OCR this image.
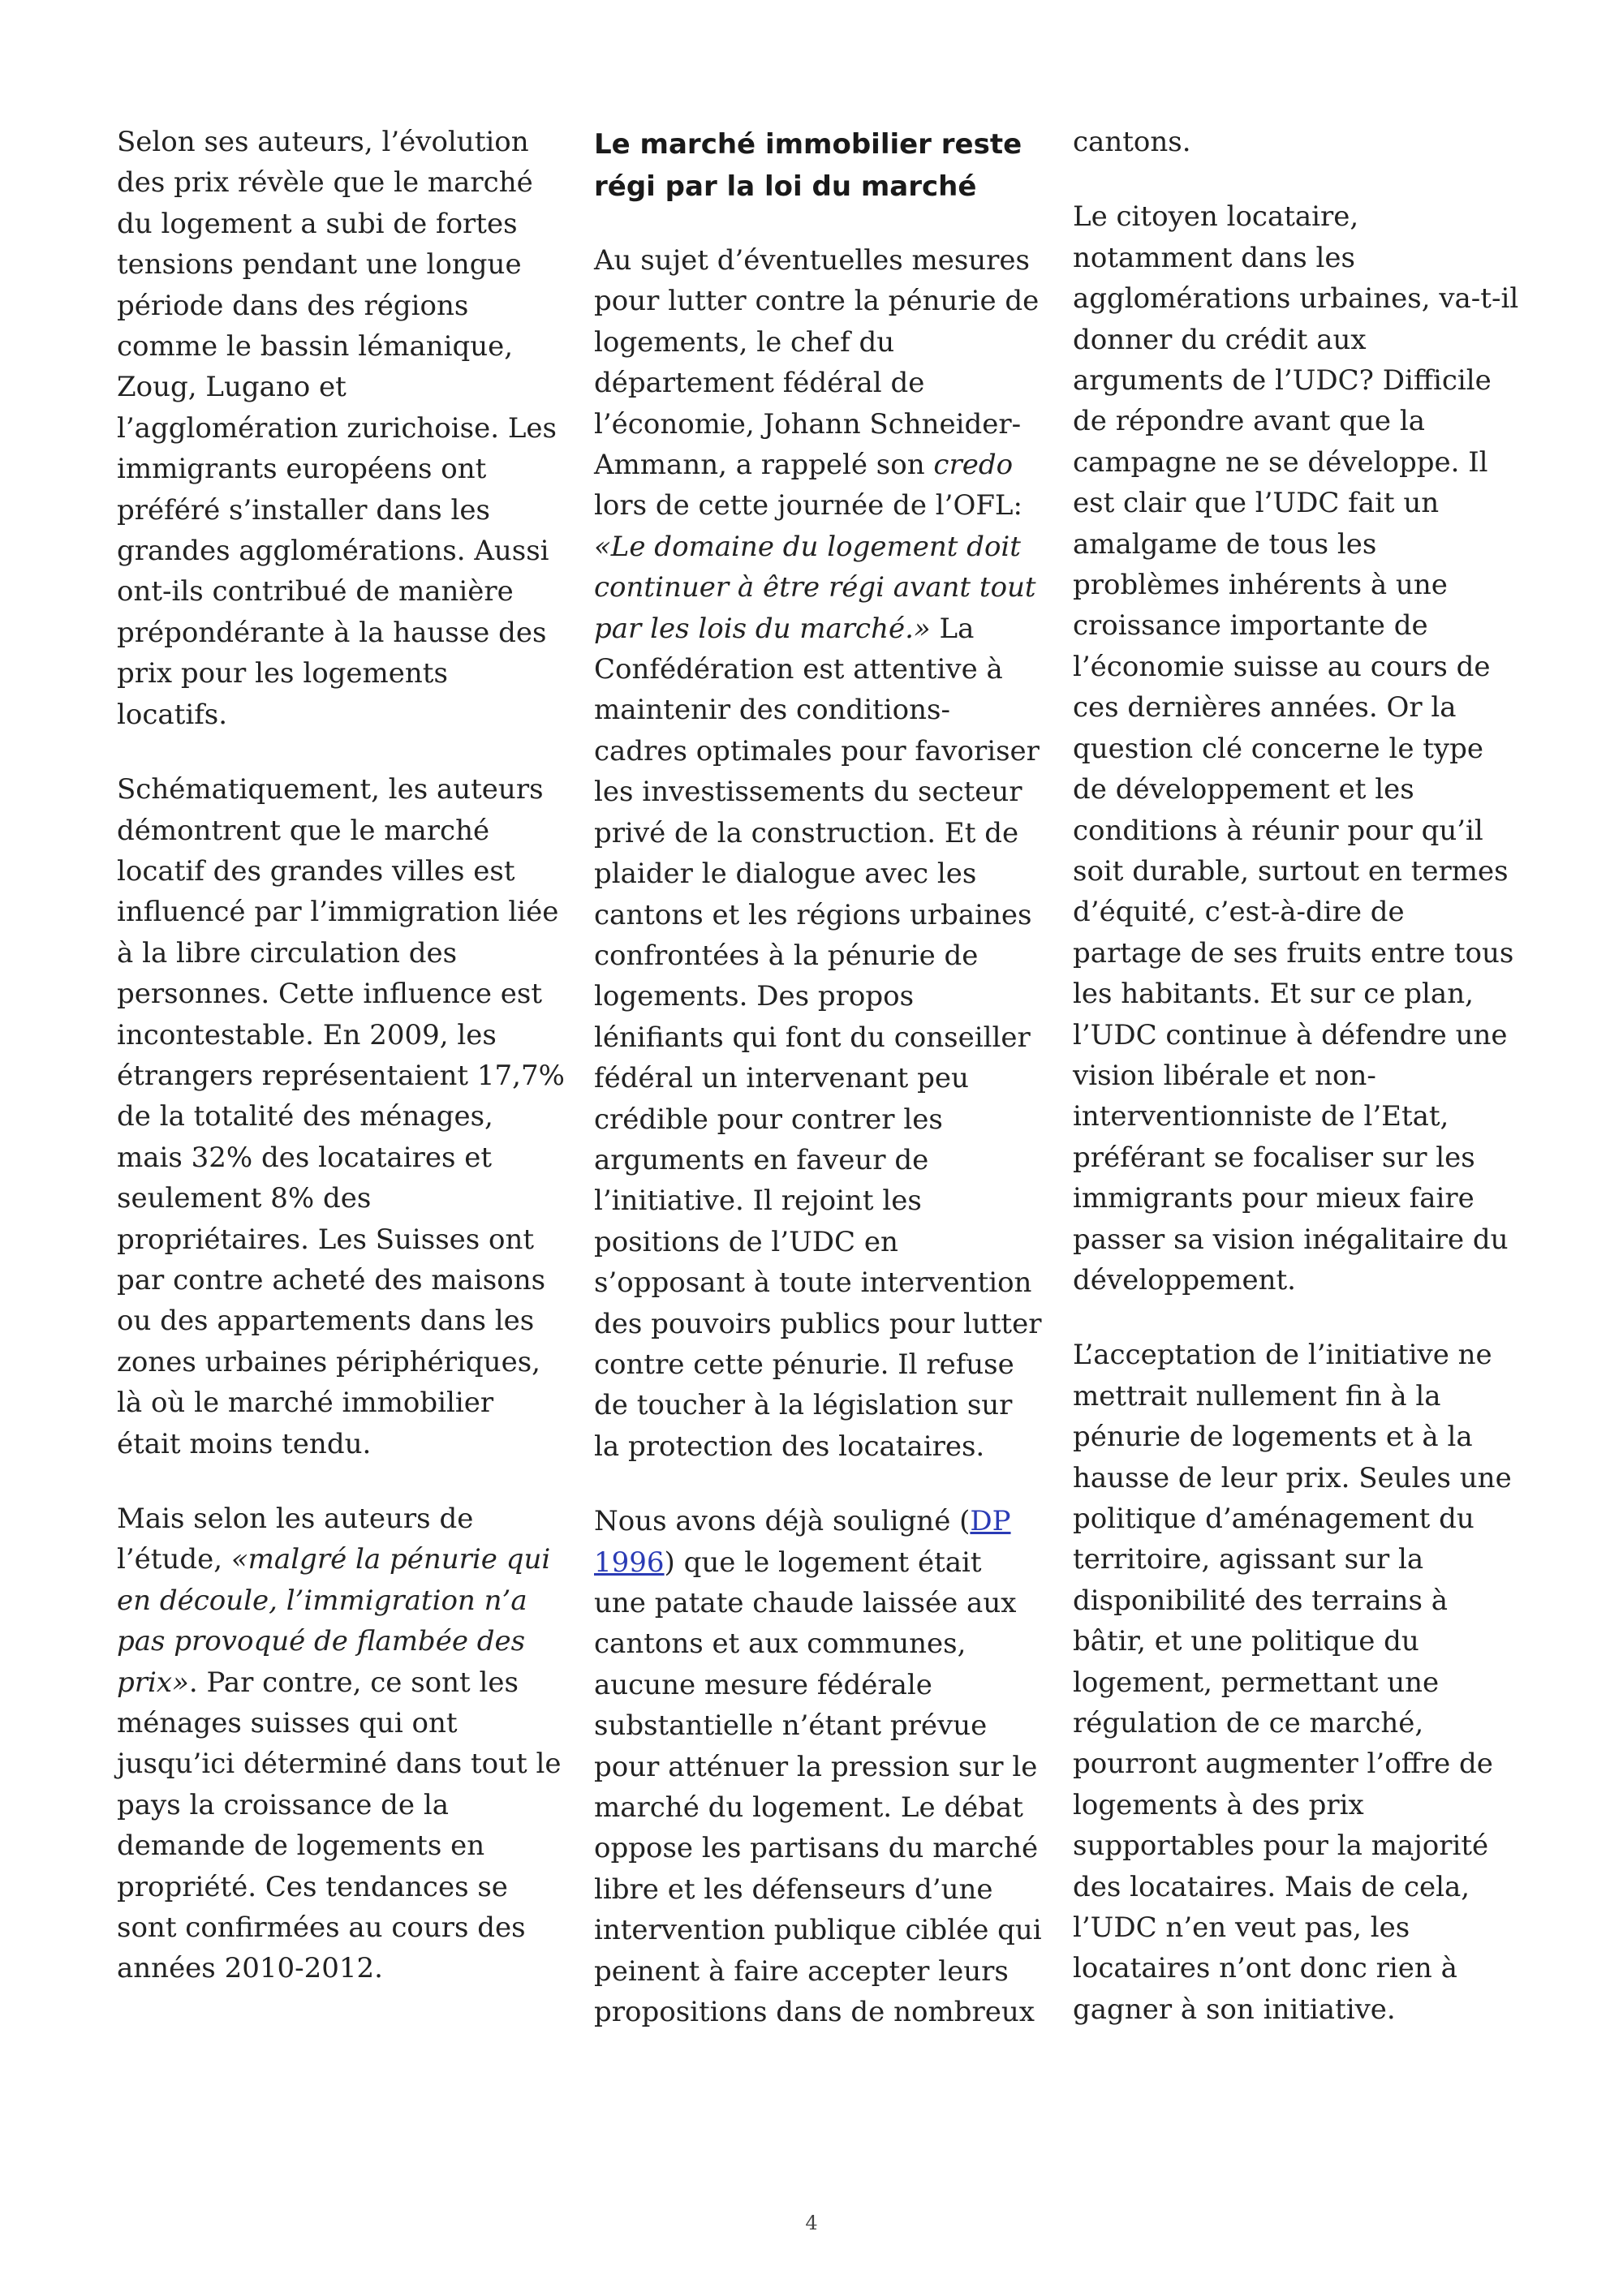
Selon ses auteurs, l’évolution
des prix révèle que le marché
du logement a subi de fortes
tensions pendant une longue
période dans des régions
comme le bassin lémanique,
Zoug, Lugano et
l’agglomération zurichoise. Les
immigrants européens ont
préféré s’installer dans les
grandes agglomérations. Aussi
ont-ils contribué de manière
prépondérante à la hausse des
prix pour les logements
locatifs.

Schématiquement, les auteurs
démontrent que le marché
locatif des grandes villes est
influencé par l’immigration liée
à la libre circulation des
personnes. Cette influence est
incontestable. En 2009, les
étrangers représentaient 17,7%
de la totalité des ménages,
mais 32% des locataires et
seulement 8% des
propriétaires. Les Suisses ont
par contre acheté des maisons
ou des appartements dans les
zones urbaines périphériques,
là où le marché immobilier
était moins tendu.

Mais selon les auteurs de
l’étude, «malgré la pénurie qui
en découle, l’immigration n’a
pas provoqué de flambée des
prix». Par contre, ce sont les
ménages suisses qui ont
jusqu’ici déterminé dans tout le
pays la croissance de la
demande de logements en
propriété. Ces tendances se
sont confirmées au cours des
années 2010-2012.

Le marché immobilier reste
régi par la loi du marché

Au sujet d’éventuelles mesures
pour lutter contre la pénurie de
logements, le chef du
département fédéral de
l’économie, Johann Schneider-
Ammann, a rappelé son credo
lors de cette journée de l’OFL:
«Le domaine du logement doit
continuer à être régi avant tout
par les lois du marché.» La
Confédération est attentive à
maintenir des conditions-
cadres optimales pour favoriser
les investissements du secteur
privé de la construction. Et de
plaider le dialogue avec les
cantons et les régions urbaines
confrontées à la pénurie de
logements. Des propos
lénifiants qui font du conseiller
fédéral un intervenant peu
crédible pour contrer les
arguments en faveur de
l’initiative. Il rejoint les
positions de l’UDC en
s’opposant à toute intervention
des pouvoirs publics pour lutter
contre cette pénurie. Il refuse
de toucher à la législation sur
la protection des locataires.

Nous avons déjà souligné (DP
1996) que le logement était
une patate chaude laissée aux
cantons et aux communes,
aucune mesure fédérale
substantielle n’étant prévue
pour atténuer la pression sur le
marché du logement. Le débat
oppose les partisans du marché
libre et les défenseurs d’une
intervention publique ciblée qui
peinent à faire accepter leurs
propositions dans de nombreux

cantons.

Le citoyen locataire,
notamment dans les
agglomérations urbaines, va-t-il
donner du crédit aux
arguments de l’UDC? Difficile
de répondre avant que la
campagne ne se développe. Il
est clair que l’UDC fait un
amalgame de tous les
problèmes inhérents à une
croissance importante de
l’économie suisse au cours de
ces dernières années. Or la
question clé concerne le type
de développement et les
conditions à réunir pour qu’il
soit durable, surtout en termes
d’équité, c’est-à-dire de
partage de ses fruits entre tous
les habitants. Et sur ce plan,
l’UDC continue à défendre une
vision libérale et non-
interventionniste de l’Etat,
préférant se focaliser sur les
immigrants pour mieux faire
passer sa vision inégalitaire du
développement.

L’acceptation de l’initiative ne
mettrait nullement fin à la
pénurie de logements et à la
hausse de leur prix. Seules une
politique d’aménagement du
territoire, agissant sur la
disponibilité des terrains à
bâtir, et une politique du
logement, permettant une
régulation de ce marché,
pourront augmenter l’offre de
logements à des prix
supportables pour la majorité
des locataires. Mais de cela,
l’UDC n’en veut pas, les
locataires n’ont donc rien à
gagner à son initiative.

4
